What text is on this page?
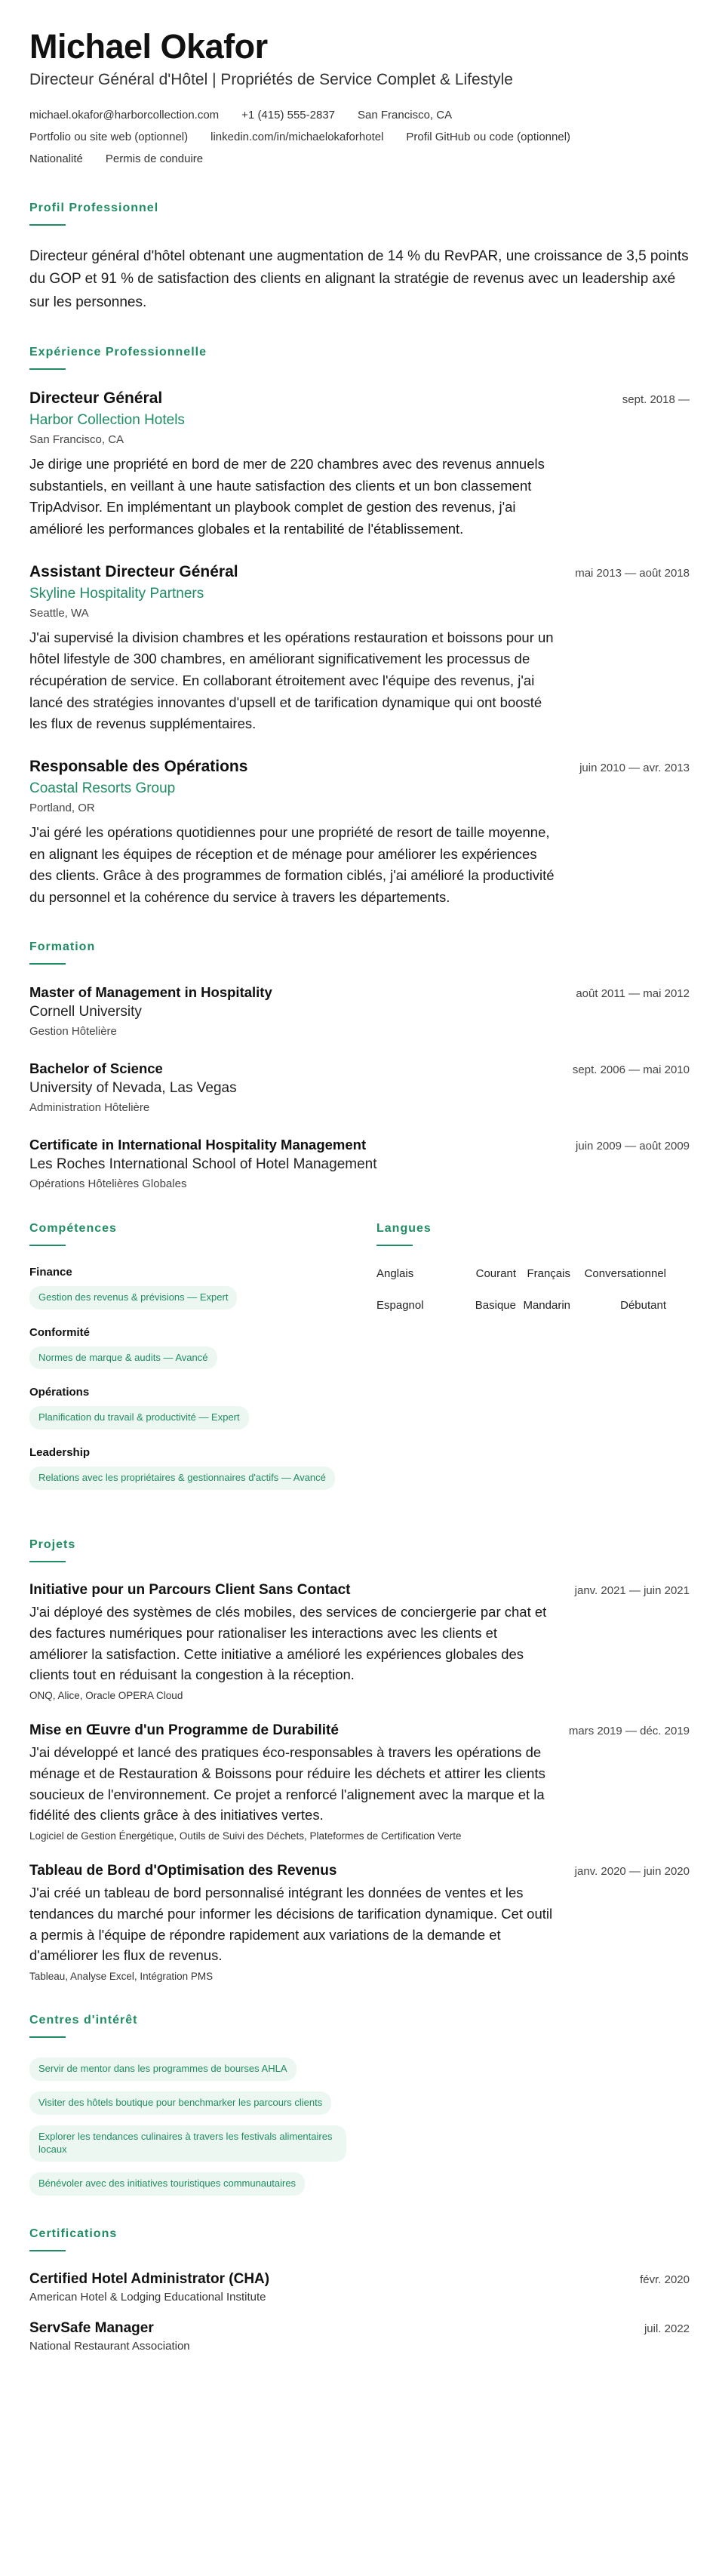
Michael Okafor
Directeur Général d'Hôtel | Propriétés de Service Complet & Lifestyle
michael.okafor@harborcollection.com +1 (415) 555-2837 San Francisco, CA
Portfolio ou site web (optionnel) linkedin.com/in/michaelokaforhotel Profil GitHub ou code (optionnel)
Nationalité Permis de conduire
Profil Professionnel

Directeur général d'hôtel obtenant une augmentation de 14 % du RevPAR, une croissance de 3,5 points du GOP et 91 % de satisfaction des clients en alignant la stratégie de revenus avec un leadership axé sur les personnes.

Expérience Professionnelle
Directeur Général	sept. 2018 —
Harbor Collection Hotels
San Francisco, CA

Je dirige une propriété en bord de mer de 220 chambres avec des revenus annuels substantiels, en veillant à une haute satisfaction des clients et un bon classement TripAdvisor. En implémentant un playbook complet de gestion des revenus, j'ai amélioré les performances globales et la rentabilité de l'établissement.

Assistant Directeur Général	mai 2013 — août 2018
Skyline Hospitality Partners
Seattle, WA

J'ai supervisé la division chambres et les opérations restauration et boissons pour un hôtel lifestyle de 300 chambres, en améliorant significativement les processus de récupération de service. En collaborant étroitement avec l'équipe des revenus, j'ai lancé des stratégies innovantes d'upsell et de tarification dynamique qui ont boosté les flux de revenus supplémentaires.

Responsable des Opérations	juin 2010 — avr. 2013
Coastal Resorts Group
Portland, OR

J'ai géré les opérations quotidiennes pour une propriété de resort de taille moyenne, en alignant les équipes de réception et de ménage pour améliorer les expériences des clients. Grâce à des programmes de formation ciblés, j'ai amélioré la productivité du personnel et la cohérence du service à travers les départements.

Formation
Master of Management in Hospitality	août 2011 — mai 2012
Cornell University
Gestion Hôtelière
Bachelor of Science	sept. 2006 — mai 2010
University of Nevada, Las Vegas
Administration Hôtelière
Certificate in International Hospitality Management	juin 2009 — août 2009
Les Roches International School of Hotel Management
Opérations Hôtelières Globales
Compétences
Finance
Gestion des revenus & prévisions — Expert
Conformité
Normes de marque & audits — Avancé
Opérations
Planification du travail & productivité — Expert
Leadership
Relations avec les propriétaires & gestionnaires d'actifs — Avancé
Langues
Anglais	Courant Français	Conversationnel
Espagnol	Basique Mandarin	Débutant
Projets
Initiative pour un Parcours Client Sans Contact	janv. 2021 — juin 2021

J'ai déployé des systèmes de clés mobiles, des services de conciergerie par chat et des factures numériques pour rationaliser les interactions avec les clients et améliorer la satisfaction. Cette initiative a amélioré les expériences globales des clients tout en réduisant la congestion à la réception.

ONQ, Alice, Oracle OPERA Cloud
Mise en Œuvre d'un Programme de Durabilité	mars 2019 — déc. 2019

J'ai développé et lancé des pratiques éco-responsables à travers les opérations de ménage et de Restauration & Boissons pour réduire les déchets et attirer les clients soucieux de l'environnement. Ce projet a renforcé l'alignement avec la marque et la fidélité des clients grâce à des initiatives vertes.

Logiciel de Gestion Énergétique, Outils de Suivi des Déchets, Plateformes de Certification Verte
Tableau de Bord d'Optimisation des Revenus	janv. 2020 — juin 2020

J'ai créé un tableau de bord personnalisé intégrant les données de ventes et les tendances du marché pour informer les décisions de tarification dynamique. Cet outil a permis à l'équipe de répondre rapidement aux variations de la demande et d'améliorer les flux de revenus.

Tableau, Analyse Excel, Intégration PMS
Centres d'intérêt
Servir de mentor dans les programmes de bourses AHLA
Visiter des hôtels boutique pour benchmarker les parcours clients
Explorer les tendances culinaires à travers les festivals alimentaires locaux
Bénévoler avec des initiatives touristiques communautaires
Certifications
Certified Hotel Administrator (CHA)	févr. 2020
American Hotel & Lodging Educational Institute
ServSafe Manager	juil. 2022
National Restaurant Association
